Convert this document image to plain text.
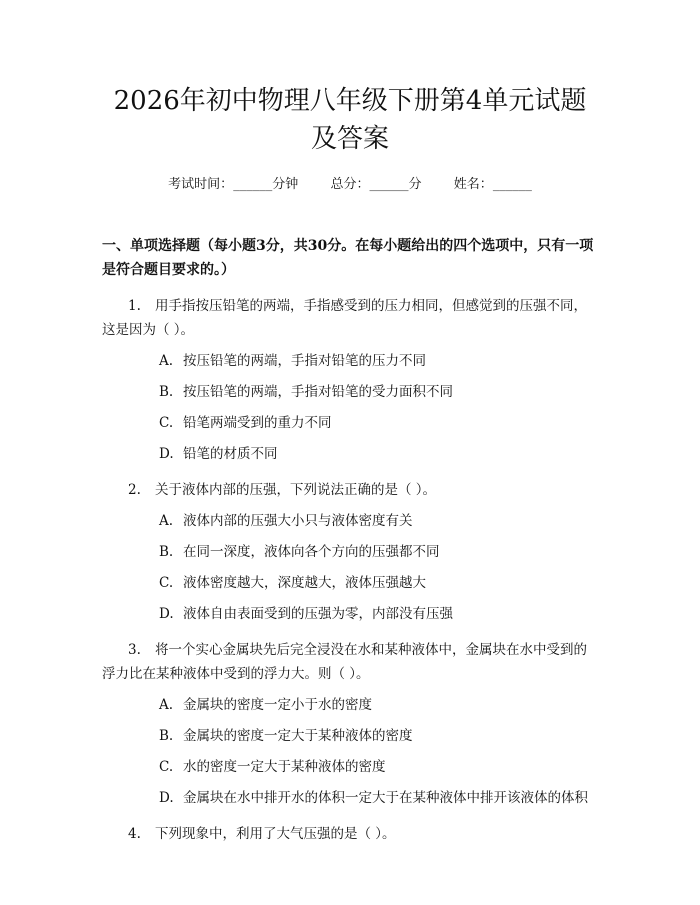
2026年初中物理八年级下册第4单元试题及答案
考试时间：______分钟 总分：______分 姓名：______
一、单项选择题（每小题3分，共30分。在每小题给出的四个选项中，只有一项是符合题目要求的。）
1. 用手指按压铅笔的两端，手指感受到的压力相同，但感觉到的压强不同，这是因为（ ）。
A. 按压铅笔的两端，手指对铅笔的压力不同
B. 按压铅笔的两端，手指对铅笔的受力面积不同
C. 铅笔两端受到的重力不同
D. 铅笔的材质不同
2. 关于液体内部的压强，下列说法正确的是（ ）。
A. 液体内部的压强大小只与液体密度有关
B. 在同一深度，液体向各个方向的压强都不同
C. 液体密度越大，深度越大，液体压强越大
D. 液体自由表面受到的压强为零，内部没有压强
3. 将一个实心金属块先后完全浸没在水和某种液体中，金属块在水中受到的浮力比在某种液体中受到的浮力大。则（ ）。
A. 金属块的密度一定小于水的密度
B. 金属块的密度一定大于某种液体的密度
C. 水的密度一定大于某种液体的密度
D. 金属块在水中排开水的体积一定大于在某种液体中排开该液体的体积
4. 下列现象中，利用了大气压强的是（ ）。
